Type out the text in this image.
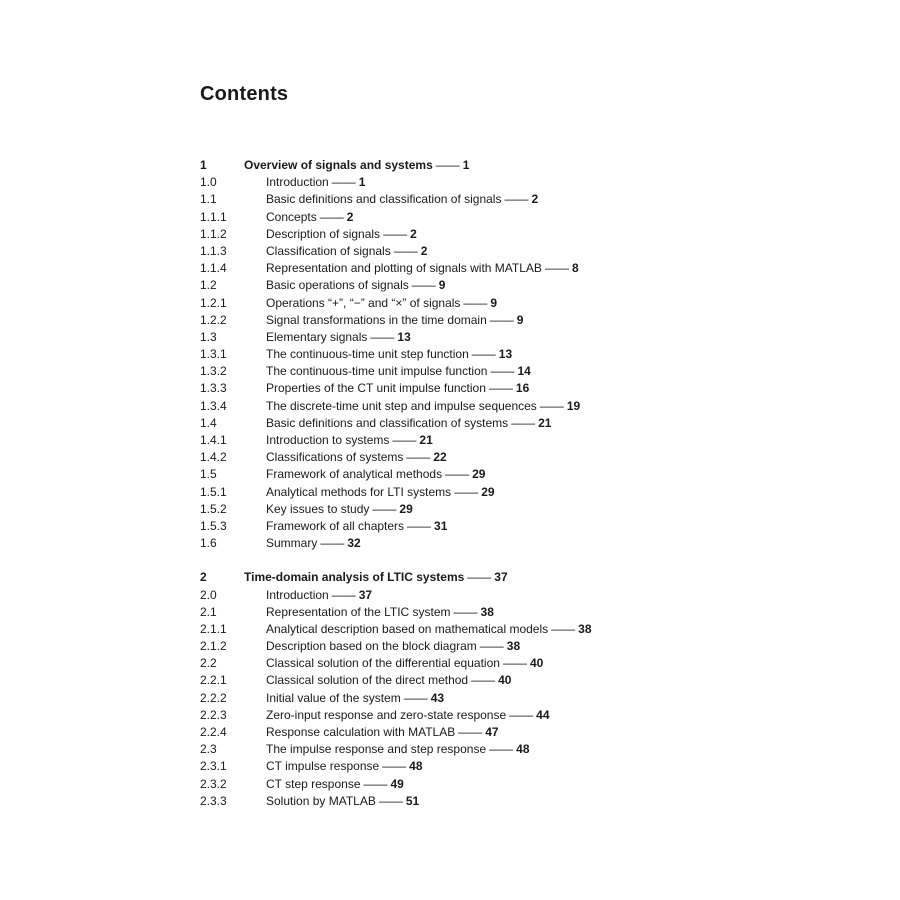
Contents
1	Overview of signals and systems —— 1
1.0	Introduction —— 1
1.1	Basic definitions and classification of signals —— 2
1.1.1	Concepts —— 2
1.1.2	Description of signals —— 2
1.1.3	Classification of signals —— 2
1.1.4	Representation and plotting of signals with MATLAB —— 8
1.2	Basic operations of signals —— 9
1.2.1	Operations “+”, “−” and “×” of signals —— 9
1.2.2	Signal transformations in the time domain —— 9
1.3	Elementary signals —— 13
1.3.1	The continuous-time unit step function —— 13
1.3.2	The continuous-time unit impulse function —— 14
1.3.3	Properties of the CT unit impulse function —— 16
1.3.4	The discrete-time unit step and impulse sequences —— 19
1.4	Basic definitions and classification of systems —— 21
1.4.1	Introduction to systems —— 21
1.4.2	Classifications of systems —— 22
1.5	Framework of analytical methods —— 29
1.5.1	Analytical methods for LTI systems —— 29
1.5.2	Key issues to study —— 29
1.5.3	Framework of all chapters —— 31
1.6	Summary —— 32
2	Time-domain analysis of LTIC systems —— 37
2.0	Introduction —— 37
2.1	Representation of the LTIC system —— 38
2.1.1	Analytical description based on mathematical models —— 38
2.1.2	Description based on the block diagram —— 38
2.2	Classical solution of the differential equation —— 40
2.2.1	Classical solution of the direct method —— 40
2.2.2	Initial value of the system —— 43
2.2.3	Zero-input response and zero-state response —— 44
2.2.4	Response calculation with MATLAB —— 47
2.3	The impulse response and step response —— 48
2.3.1	CT impulse response —— 48
2.3.2	CT step response —— 49
2.3.3	Solution by MATLAB —— 51
